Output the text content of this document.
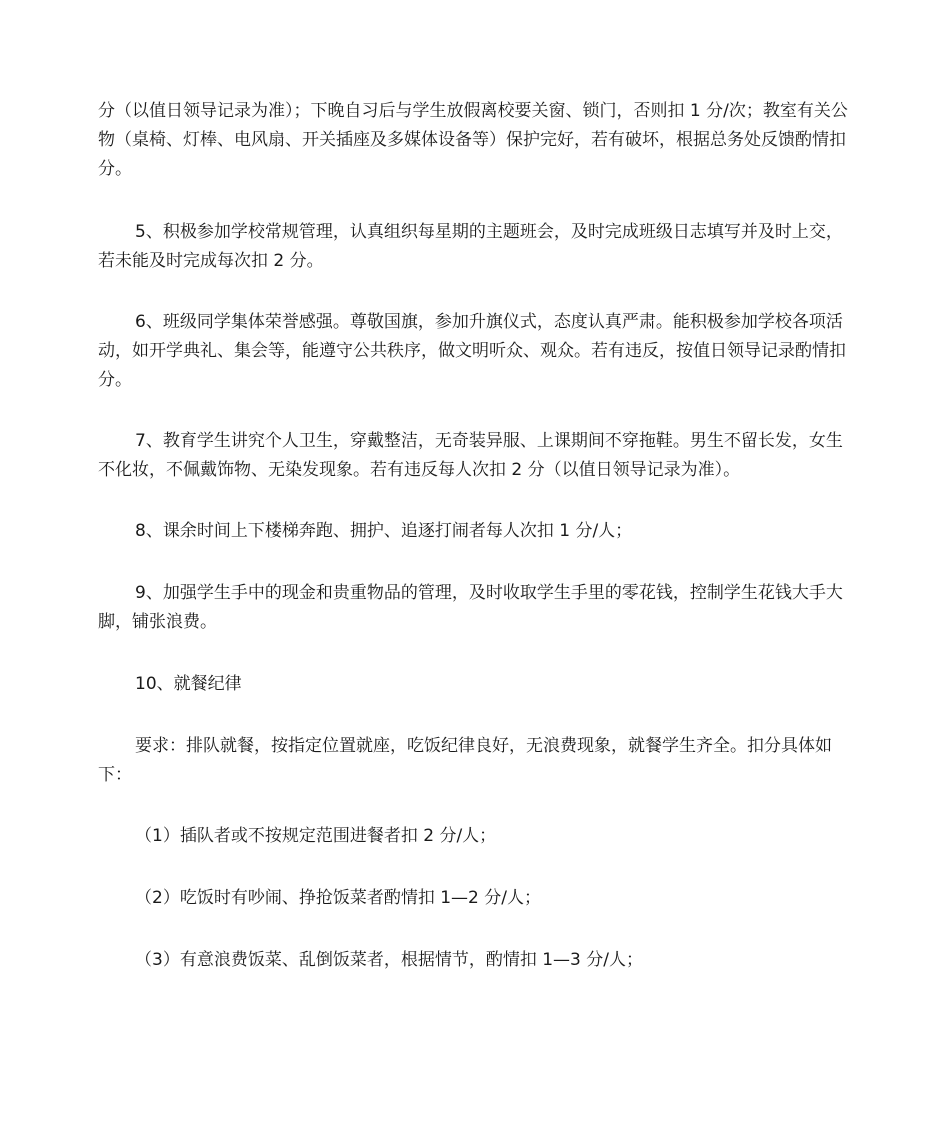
分（以值日领导记录为准）；下晚自习后与学生放假离校要关窗、锁门，否则扣 1 分/次；教室有关公物（桌椅、灯棒、电风扇、开关插座及多媒体设备等）保护完好，若有破坏，根据总务处反馈酌情扣分。

5、积极参加学校常规管理，认真组织每星期的主题班会，及时完成班级日志填写并及时上交，若未能及时完成每次扣 2 分。

6、班级同学集体荣誉感强。尊敬国旗，参加升旗仪式，态度认真严肃。能积极参加学校各项活动，如开学典礼、集会等，能遵守公共秩序，做文明听众、观众。若有违反，按值日领导记录酌情扣分。

7、教育学生讲究个人卫生，穿戴整洁，无奇装异服、上课期间不穿拖鞋。男生不留长发，女生不化妆，不佩戴饰物、无染发现象。若有违反每人次扣 2 分（以值日领导记录为准）。

8、课余时间上下楼梯奔跑、拥护、追逐打闹者每人次扣 1 分/人；

9、加强学生手中的现金和贵重物品的管理，及时收取学生手里的零花钱，控制学生花钱大手大脚，铺张浪费。

10、就餐纪律

要求：排队就餐，按指定位置就座，吃饭纪律良好，无浪费现象，就餐学生齐全。扣分具体如下：

（1）插队者或不按规定范围进餐者扣 2 分/人；

（2）吃饭时有吵闹、挣抢饭菜者酌情扣 1—2 分/人；

（3）有意浪费饭菜、乱倒饭菜者，根据情节，酌情扣 1—3 分/人；
